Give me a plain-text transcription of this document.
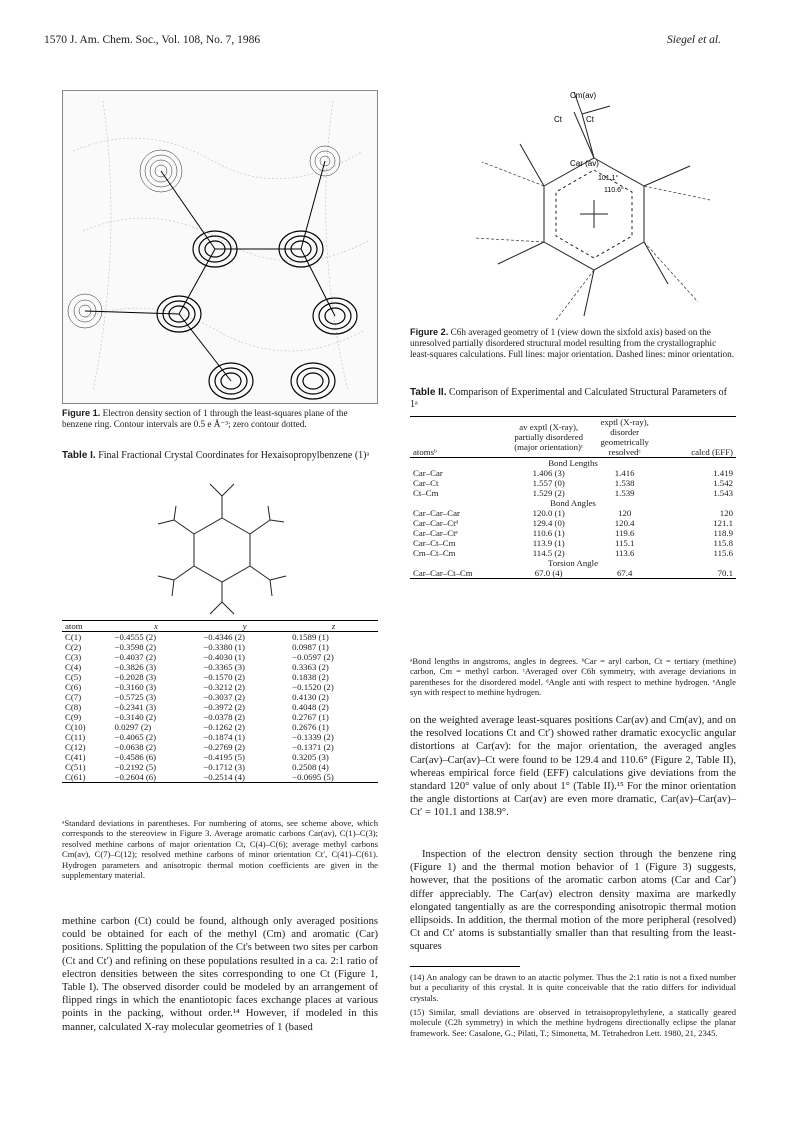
1570 J. Am. Chem. Soc., Vol. 108, No. 7, 1986	Siegel et al.
Figure 1. Electron density section of 1 through the least-squares plane of the benzene ring. Contour intervals are 0.5 e Å⁻³; zero contour dotted.
Table I. Final Fractional Crystal Coordinates for Hexaisopropylbenzene (1)ᵃ
atom	x	y	z
C(1)	−0.4555 (2)	−0.4346 (2)	0.1589 (1)
C(2)	−0.3598 (2)	−0.3380 (1)	0.0987 (1)
C(3)	−0.4037 (2)	−0.4030 (1)	−0.0597 (2)
C(4)	−0.3826 (3)	−0.3365 (3)	0.3363 (2)
C(5)	−0.2028 (3)	−0.1570 (2)	0.1838 (2)
C(6)	−0.3160 (3)	−0.3212 (2)	−0.1520 (2)
C(7)	−0.5725 (3)	−0.3037 (2)	0.4130 (2)
C(8)	−0.2341 (3)	−0.3972 (2)	0.4048 (2)
C(9)	−0.3140 (2)	−0.0378 (2)	0.2767 (1)
C(10)	0.0297 (2)	−0.1262 (2)	0.2676 (1)
C(11)	−0.4065 (2)	−0.1874 (1)	−0.1339 (2)
C(12)	−0.0638 (2)	−0.2769 (2)	−0.1371 (2)
C(41)	−0.4586 (6)	−0.4195 (5)	0.3205 (3)
C(51)	−0.2192 (5)	−0.1712 (3)	0.2508 (4)
C(61)	−0.2604 (6)	−0.2514 (4)	−0.0695 (5)
ᵃStandard deviations in parentheses. For numbering of atoms, see scheme above, which corresponds to the stereoview in Figure 3. Average aromatic carbons Car(av), C(1)–C(3); resolved methine carbons of major orientation Ct, C(4)–C(6); average methyl carbons Cm(av), C(7)–C(12); resolved methine carbons of minor orientation Ct′, C(41)–C(61). Hydrogen parameters and anisotropic thermal motion coefficients are given in the supplementary material.
methine carbon (Ct) could be found, although only averaged positions could be obtained for each of the methyl (Cm) and aromatic (Car) positions. Splitting the population of the Ct's between two sites per carbon (Ct and Ct′) and refining on these populations resulted in a ca. 2:1 ratio of electron densities between the sites corresponding to one Ct (Figure 1, Table I). The observed disorder could be modeled by an arrangement of flipped rings in which the enantiotopic faces exchange places at various points in the packing, without order.¹⁴ However, if modeled in this manner, calculated X-ray molecular geometries of 1 (based
Cm(av)
Ct	Ct
Car (av)
101.1°
110.6°
Figure 2. C6h averaged geometry of 1 (view down the sixfold axis) based on the unresolved partially disordered structural model resulting from the crystallographic least-squares calculations. Full lines: major orientation. Dashed lines: minor orientation.
Table II. Comparison of Experimental and Calculated Structural Parameters of 1ᵃ
atomsᵇ	av exptl (X-ray), partially disordered (major orientation)ᶜ	exptl (X-ray), disorder geometrically resolvedᶜ	calcd (EFF)
Bond Lengths			
Car–Car	1.406 (3)	1.416	1.419
Car–Ct	1.557 (0)	1.538	1.542
Ct–Cm	1.529 (2)	1.539	1.543
Bond Angles			
Car–Car–Car	120.0 (1)	120	120
Car–Car–Ctᵈ	129.4 (0)	120.4	121.1
Car–Car–Ctᵉ	110.6 (1)	119.6	118.9
Car–Ct–Cm	113.9 (1)	115.1	115.8
Cm–Ct–Cm	114.5 (2)	113.6	115.6
Torsion Angle			
Car–Car–Ct–Cm	67.0 (4)	67.4	70.1
ᵃBond lengths in angstroms, angles in degrees. ᵇCar = aryl carbon, Ct = tertiary (methine) carbon, Cm = methyl carbon. ᶜAveraged over C6h symmetry, with average deviations in parentheses for the disordered model. ᵈAngle anti with respect to methine hydrogen. ᵉAngle syn with respect to methine hydrogen.
on the weighted average least-squares positions Car(av) and Cm(av), and on the resolved locations Ct and Ct′) showed rather dramatic exocyclic angular distortions at Car(av): for the major orientation, the averaged angles Car(av)–Car(av)–Ct were found to be 129.4 and 110.6° (Figure 2, Table II), whereas empirical force field (EFF) calculations give deviations from the standard 120° value of only about 1° (Table II).¹⁵ For the minor orientation the angle distortions at Car(av) are even more dramatic, Car(av)–Car(av)–Ct′ = 101.1 and 138.9°.
Inspection of the electron density section through the benzene ring (Figure 1) and the thermal motion behavior of 1 (Figure 3) suggests, however, that the positions of the aromatic carbon atoms (Car and Car′) differ appreciably. The Car(av) electron density maxima are markedly elongated tangentially as are the corresponding anisotropic thermal motion ellipsoids. In addition, the thermal motion of the more peripheral (resolved) Ct and Ct′ atoms is substantially smaller than that resulting from the least-squares
(14) An analogy can be drawn to an atactic polymer. Thus the 2:1 ratio is not a fixed number but a peculiarity of this crystal. It is quite conceivable that the ratio differs for individual crystals.
(15) Similar, small deviations are observed in tetraisopropylethylene, a statically geared molecule (C2h symmetry) in which the methine hydrogens directionally eclipse the planar framework. See: Casalone, G.; Pilati, T.; Simonetta, M. Tetrahedron Lett. 1980, 21, 2345.
